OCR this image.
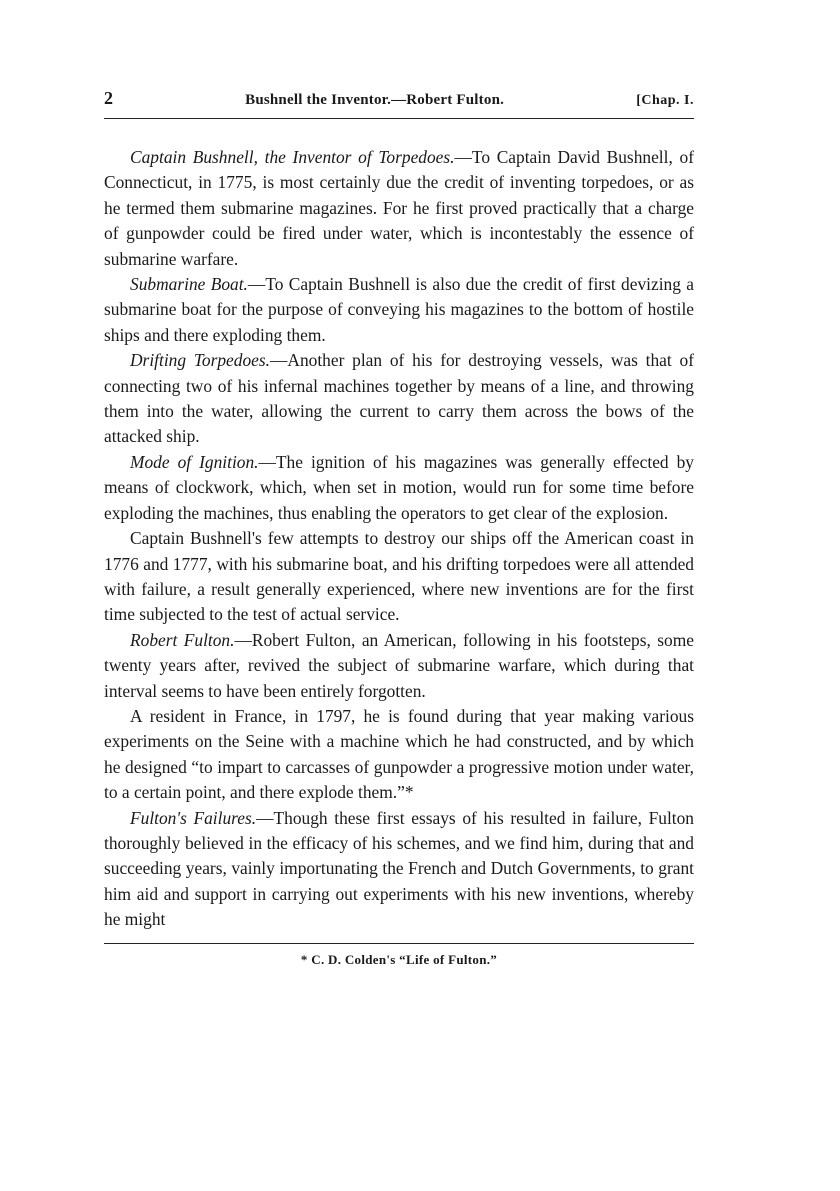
2	Bushnell the Inventor.—Robert Fulton.	[Chap. I.

Captain Bushnell, the Inventor of Torpedoes.—To Captain David Bushnell, of Connecticut, in 1775, is most certainly due the credit of inventing torpedoes, or as he termed them submarine magazines. For he first proved practically that a charge of gunpowder could be fired under water, which is incontestably the essence of submarine warfare.

Submarine Boat.—To Captain Bushnell is also due the credit of first devizing a submarine boat for the purpose of conveying his magazines to the bottom of hostile ships and there exploding them.

Drifting Torpedoes.—Another plan of his for destroying vessels, was that of connecting two of his infernal machines together by means of a line, and throwing them into the water, allowing the current to carry them across the bows of the attacked ship.

Mode of Ignition.—The ignition of his magazines was generally effected by means of clockwork, which, when set in motion, would run for some time before exploding the machines, thus enabling the operators to get clear of the explosion.

Captain Bushnell's few attempts to destroy our ships off the American coast in 1776 and 1777, with his submarine boat, and his drifting torpedoes were all attended with failure, a result generally experienced, where new inventions are for the first time subjected to the test of actual service.

Robert Fulton.—Robert Fulton, an American, following in his footsteps, some twenty years after, revived the subject of submarine warfare, which during that interval seems to have been entirely forgotten.

A resident in France, in 1797, he is found during that year making various experiments on the Seine with a machine which he had constructed, and by which he designed “to impart to carcasses of gunpowder a progressive motion under water, to a certain point, and there explode them.”*

Fulton's Failures.—Though these first essays of his resulted in failure, Fulton thoroughly believed in the efficacy of his schemes, and we find him, during that and succeeding years, vainly importunating the French and Dutch Governments, to grant him aid and support in carrying out experiments with his new inventions, whereby he might

* C. D. Colden's “Life of Fulton.”
